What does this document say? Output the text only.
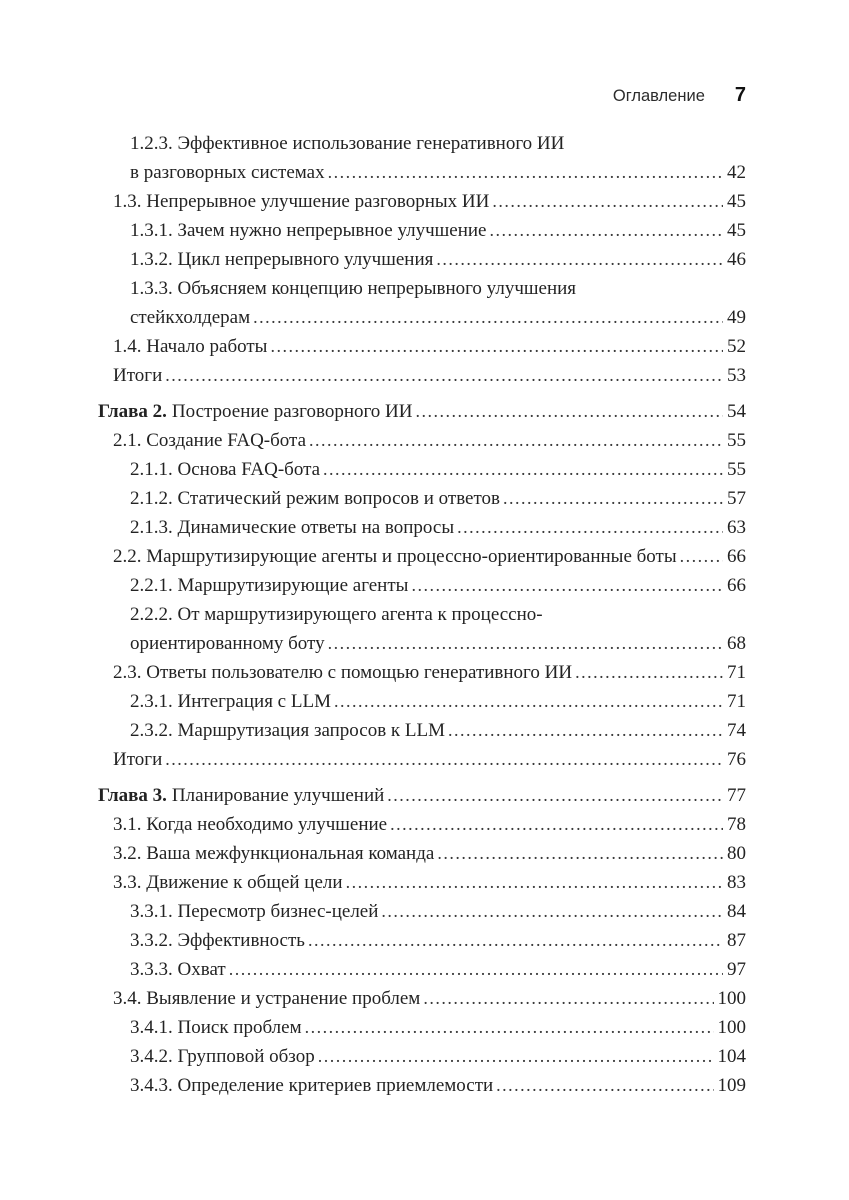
Оглавление 7
1.2.3. Эффективное использование генеративного ИИ
в разговорных системах . . .	42
1.3. Непрерывное улучшение разговорных ИИ . . .	45
1.3.1. Зачем нужно непрерывное улучшение . . .	45
1.3.2. Цикл непрерывного улучшения . . .	46
1.3.3. Объясняем концепцию непрерывного улучшения
стейкхолдерам . . .	49
1.4. Начало работы . . .	52
Итоги . . .	53
Глава 2. Построение разговорного ИИ . . .	54
2.1. Создание FAQ-бота . . .	55
2.1.1. Основа FAQ-бота . . .	55
2.1.2. Статический режим вопросов и ответов . . .	57
2.1.3. Динамические ответы на вопросы . . .	63
2.2. Маршрутизирующие агенты и процессно-ориентированные боты . . .	66
2.2.1. Маршрутизирующие агенты . . .	66
2.2.2. От маршрутизирующего агента к процессно-
ориентированному боту . . .	68
2.3. Ответы пользователю с помощью генеративного ИИ . . .	71
2.3.1. Интеграция с LLM . . .	71
2.3.2. Маршрутизация запросов к LLM . . .	74
Итоги . . .	76
Глава 3. Планирование улучшений . . .	77
3.1. Когда необходимо улучшение . . .	78
3.2. Ваша межфункциональная команда . . .	80
3.3. Движение к общей цели . . .	83
3.3.1. Пересмотр бизнес-целей . . .	84
3.3.2. Эффективность . . .	87
3.3.3. Охват . . .	97
3.4. Выявление и устранение проблем . . .	100
3.4.1. Поиск проблем . . .	100
3.4.2. Групповой обзор . . .	104
3.4.3. Определение критериев приемлемости . . .	109
